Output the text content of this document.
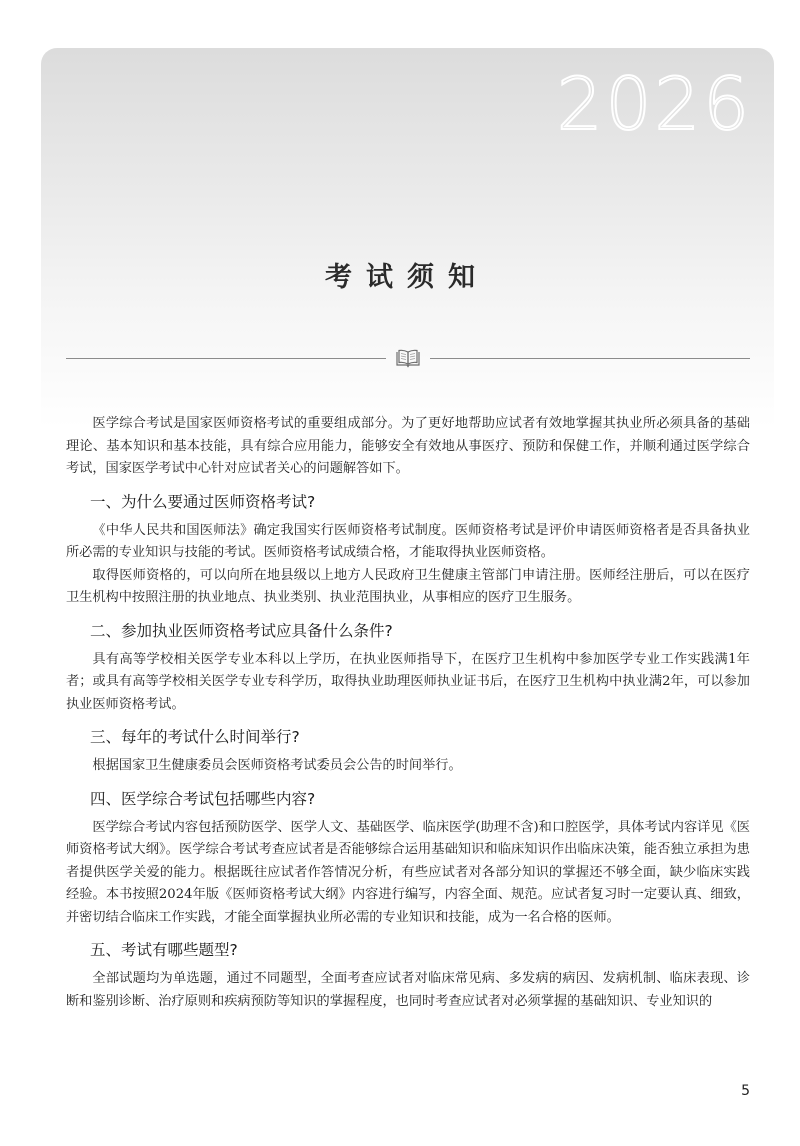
2026
考试须知

医学综合考试是国家医师资格考试的重要组成部分。为了更好地帮助应试者有效地掌握其执业所必须具备的基础理论、基本知识和基本技能，具有综合应用能力，能够安全有效地从事医疗、预防和保健工作，并顺利通过医学综合考试，国家医学考试中心针对应试者关心的问题解答如下。

一、为什么要通过医师资格考试?

《中华人民共和国医师法》确定我国实行医师资格考试制度。医师资格考试是评价申请医师资格者是否具备执业所必需的专业知识与技能的考试。医师资格考试成绩合格，才能取得执业医师资格。

取得医师资格的，可以向所在地县级以上地方人民政府卫生健康主管部门申请注册。医师经注册后，可以在医疗卫生机构中按照注册的执业地点、执业类别、执业范围执业，从事相应的医疗卫生服务。

二、参加执业医师资格考试应具备什么条件?

具有高等学校相关医学专业本科以上学历，在执业医师指导下，在医疗卫生机构中参加医学专业工作实践满1年者；或具有高等学校相关医学专业专科学历，取得执业助理医师执业证书后，在医疗卫生机构中执业满2年，可以参加执业医师资格考试。

三、每年的考试什么时间举行?

根据国家卫生健康委员会医师资格考试委员会公告的时间举行。

四、医学综合考试包括哪些内容?

医学综合考试内容包括预防医学、医学人文、基础医学、临床医学(助理不含)和口腔医学，具体考试内容详见《医师资格考试大纲》。医学综合考试考查应试者是否能够综合运用基础知识和临床知识作出临床决策，能否独立承担为患者提供医学关爱的能力。根据既往应试者作答情况分析，有些应试者对各部分知识的掌握还不够全面，缺少临床实践经验。本书按照2024年版《医师资格考试大纲》内容进行编写，内容全面、规范。应试者复习时一定要认真、细致，并密切结合临床工作实践，才能全面掌握执业所必需的专业知识和技能，成为一名合格的医师。

五、考试有哪些题型?

全部试题均为单选题，通过不同题型，全面考查应试者对临床常见病、多发病的病因、发病机制、临床表现、诊断和鉴别诊断、治疗原则和疾病预防等知识的掌握程度，也同时考查应试者对必须掌握的基础知识、专业知识的

5
